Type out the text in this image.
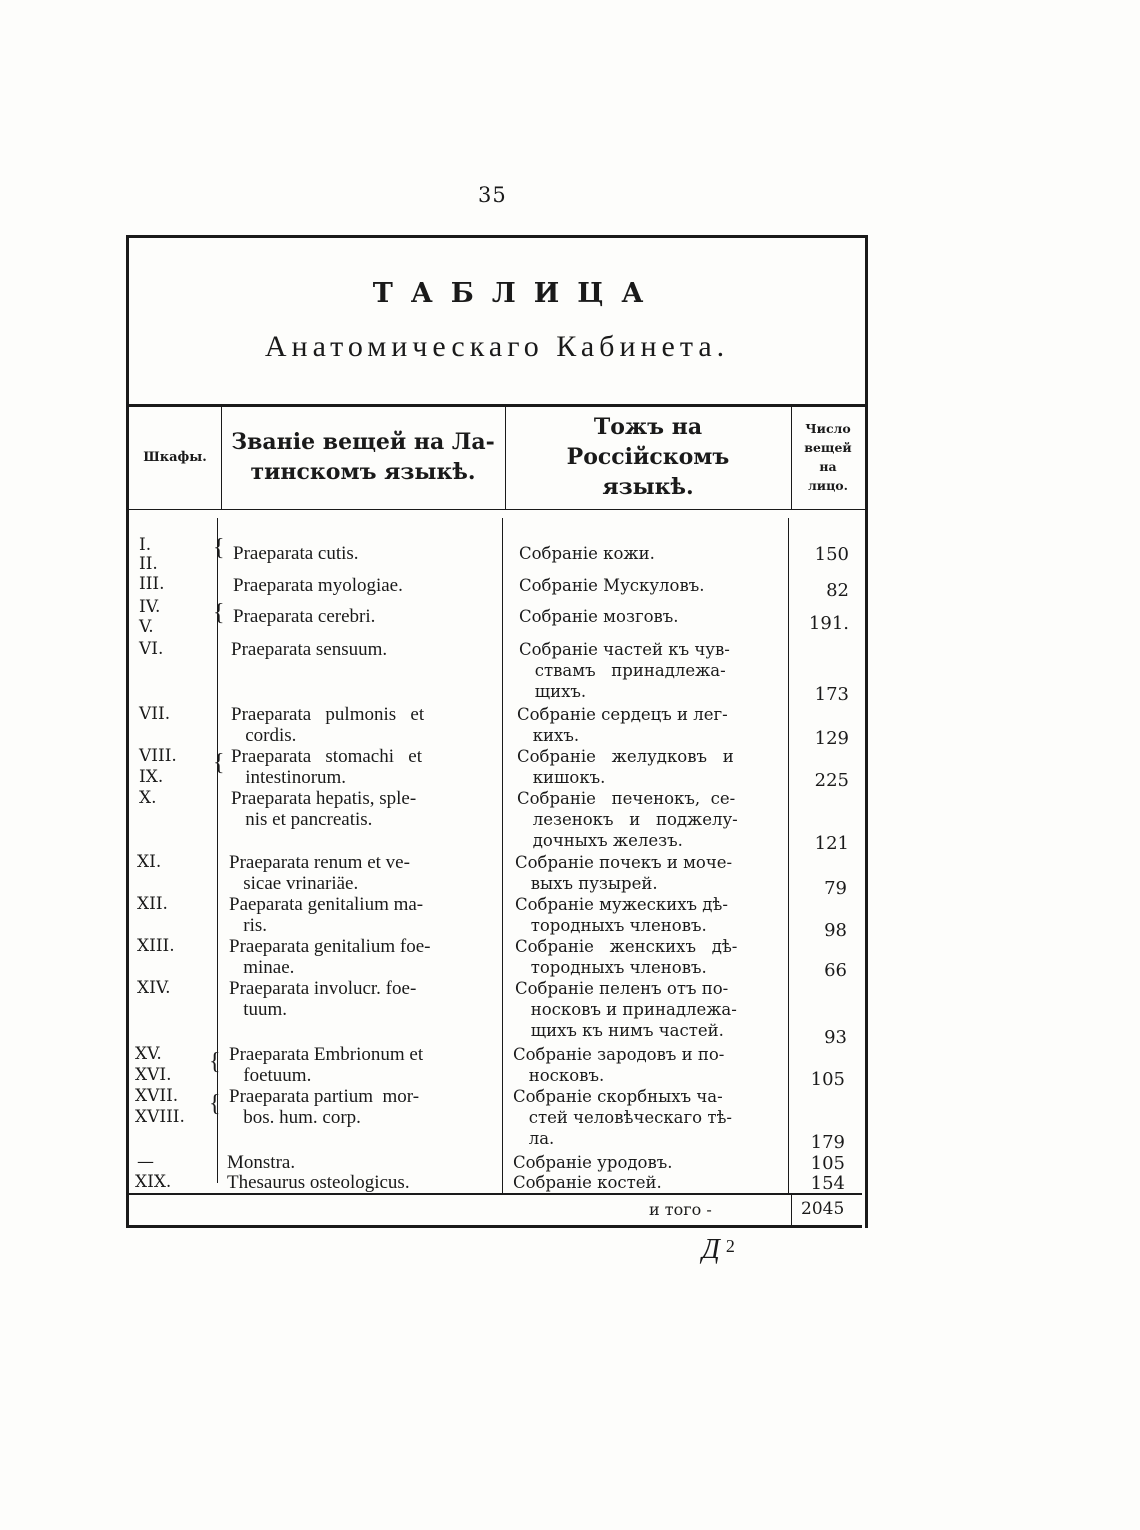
35
ТАБЛИЦА
Анатомическаго Кабинета.
Шкафы.
Званіе вещей на Ла-
тинскомъ языкѣ.
Тожъ на Россійскомъ
языкѣ.
Число
вещей
на
лицо.
{
{
{
{
{
I.
II.
III.
IV.
V.
VI.
VII.
VIII.
IX.
X.
XI.
XII.
XIII.
XIV.
XV.
XVI.
XVII.
XVIII.
—
XIX.
Praeparata cutis.
Praeparata myologiae.
Praeparata cerebri.
Praeparata sensuum.
Praeparata   pulmonis   et
cordis.
Praeparata   stomachi   et
intestinorum.
Praeparata hepatis, sple-
nis et pancreatis.
Praeparata renum et ve-
sicae vrinariäe.
Paeparata genitalium ma-
ris.
Praeparata genitalium foe-
minae.
Praeparata involucr. foe-
tuum.
Praeparata Embrionum et
foetuum.
Praeparata partium  mor-
bos. hum. corp.
Monstra.
Thesaurus osteologicus.
Собраніе кожи.
Собраніе Мускуловъ.
Собраніе мозговъ.
Собраніе частей къ чув-
ствамъ   принадлежа-
щихъ.
Собраніе сердецъ и лег-
кихъ.
Собраніе   желудковъ   и
кишокъ.
Собраніе   печенокъ,  се-
лезенокъ   и   поджелу-
дочныхъ железъ.
Собраніе почекъ и моче-
выхъ пузырей.
Собраніе мужескихъ дѣ-
тородныхъ членовъ.
Собраніе   женскихъ   дѣ-
тородныхъ членовъ.
Собраніе пеленъ отъ по-
носковъ и принадлежа-
щихъ къ нимъ частей.
Собраніе зародовъ и по-
носковъ.
Собраніе скорбныхъ ча-
стей человѣческаго тѣ-
ла.
Собраніе уродовъ.
Собраніе костей.
150
82
191.
173
129
225
121
79
98
66
93
105
179
105
154
и того -	2045
Д $^2$
